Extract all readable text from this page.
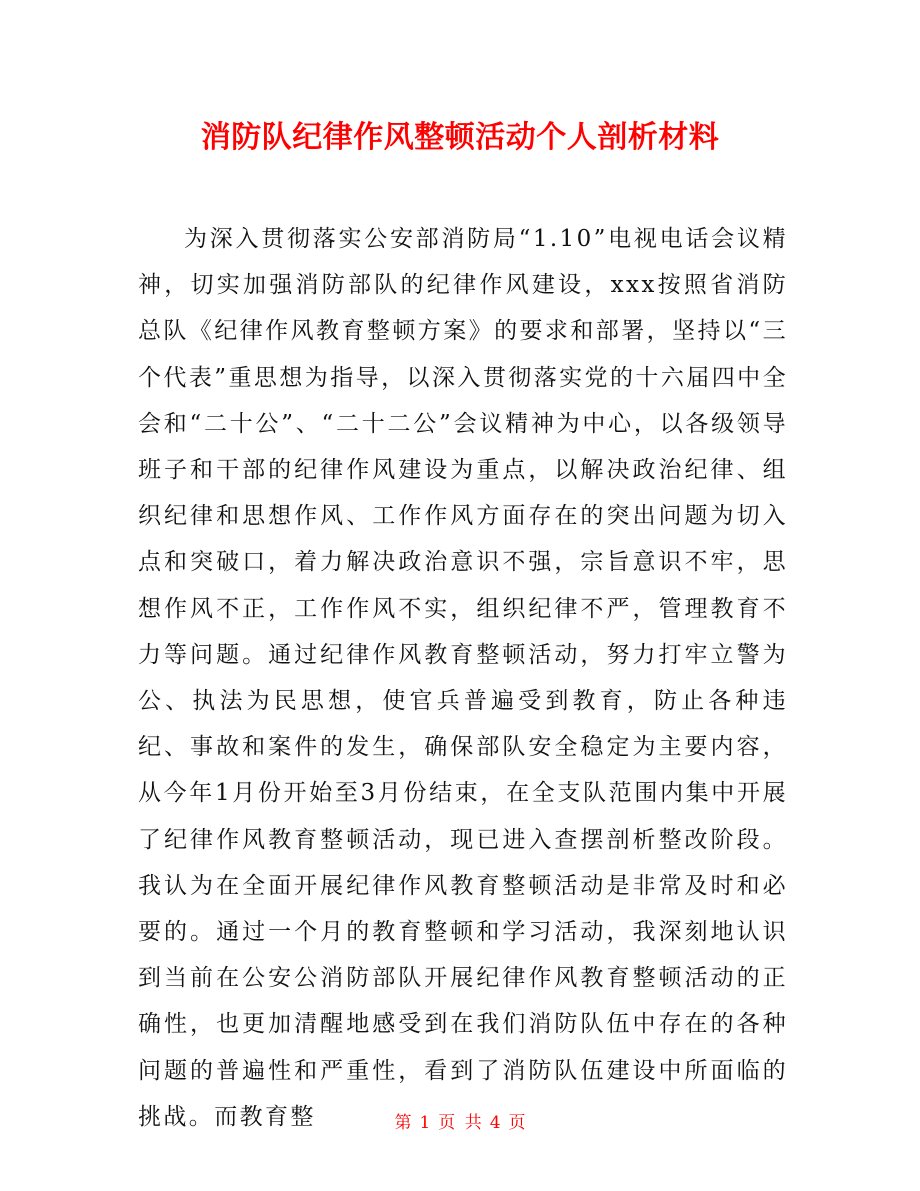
消防队纪律作风整顿活动个人剖析材料
为深入贯彻落实公安部消防局“1.10”电视电话会议精神，切实加强消防部队的纪律作风建设，xxx按照省消防总队《纪律作风教育整顿方案》的要求和部署，坚持以“三个代表”重思想为指导，以深入贯彻落实党的十六届四中全会和“二十公”、“二十二公”会议精神为中心，以各级领导班子和干部的纪律作风建设为重点，以解决政治纪律、组织纪律和思想作风、工作作风方面存在的突出问题为切入点和突破口，着力解决政治意识不强，宗旨意识不牢，思想作风不正，工作作风不实，组织纪律不严，管理教育不力等问题。通过纪律作风教育整顿活动，努力打牢立警为公、执法为民思想，使官兵普遍受到教育，防止各种违纪、事故和案件的发生，确保部队安全稳定为主要内容，从今年1月份开始至3月份结束，在全支队范围内集中开展了纪律作风教育整顿活动，现已进入查摆剖析整改阶段。我认为在全面开展纪律作风教育整顿活动是非常及时和必要的。通过一个月的教育整顿和学习活动，我深刻地认识到当前在公安公消防部队开展纪律作风教育整顿活动的正确性，也更加清醒地感受到在我们消防队伍中存在的各种问题的普遍性和严重性，看到了消防队伍建设中所面临的挑战。而教育整	第 1 页 共 4 页
